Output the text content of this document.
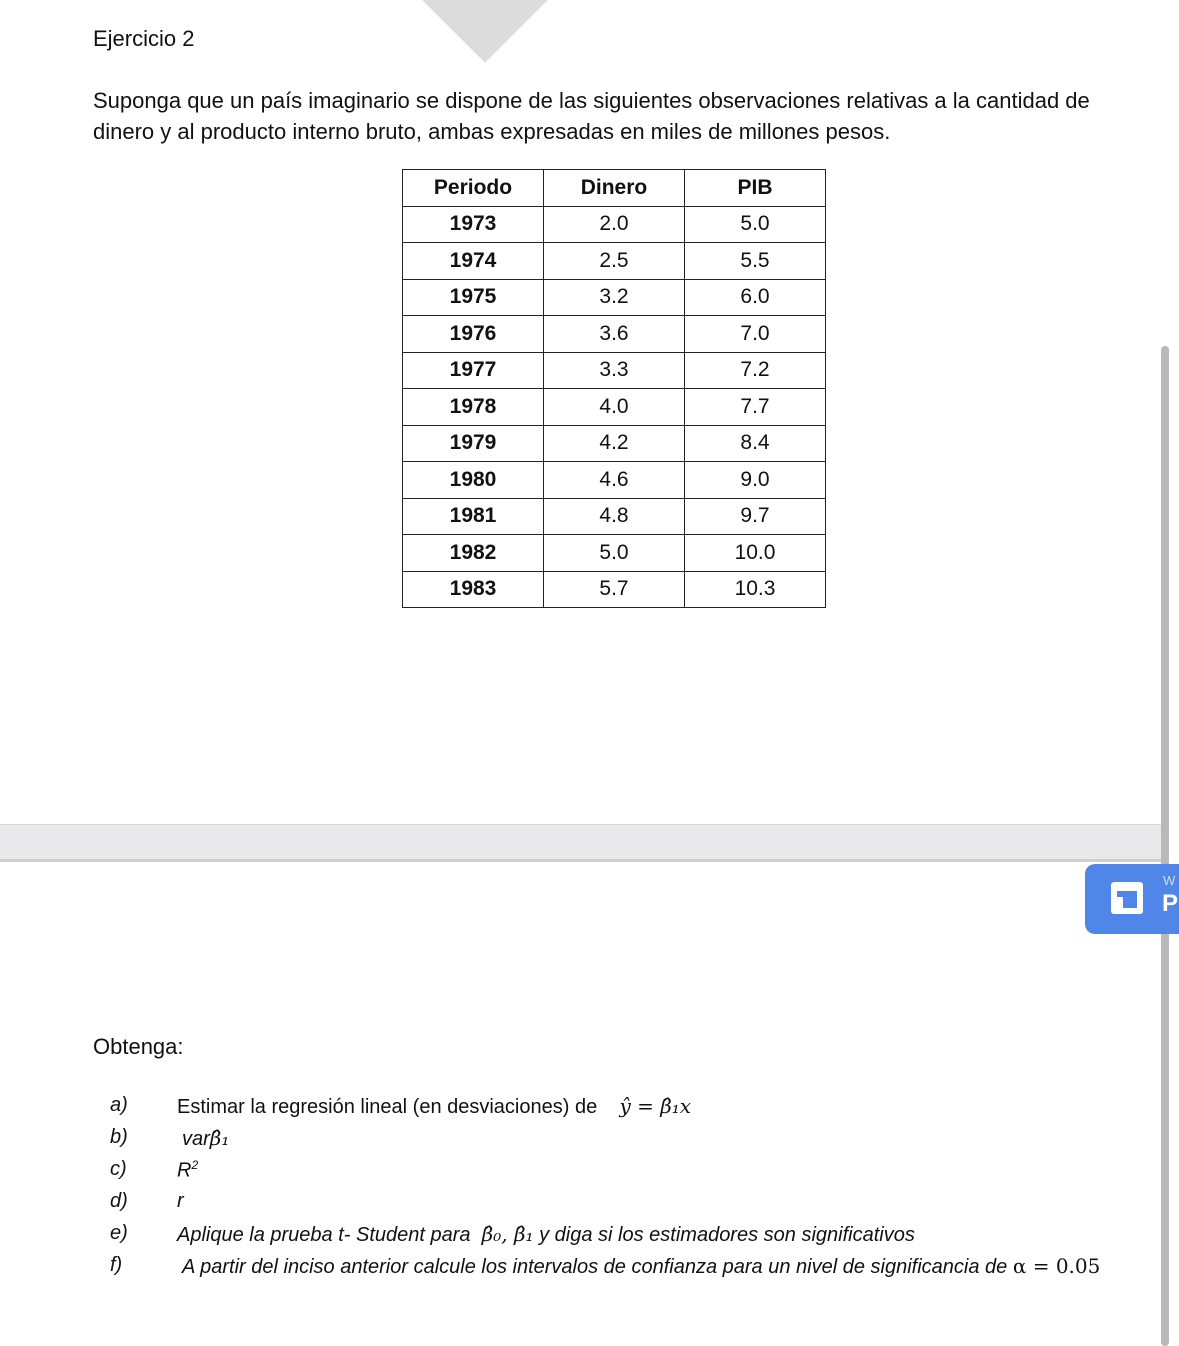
Ejercicio 2
Suponga que un país imaginario se dispone de las siguientes observaciones relativas a la cantidad de dinero y al producto interno bruto, ambas expresadas en miles de millones pesos.
Periodo	Dinero	PIB
1973	2.0	5.0
1974	2.5	5.5
1975	3.2	6.0
1976	3.6	7.0
1977	3.3	7.2
1978	4.0	7.7
1979	4.2	8.4
1980	4.6	9.0
1981	4.8	9.7
1982	5.0	10.0
1983	5.7	10.3
W
P
Obtenga:
a) Estimar la regresión lineal (en desviaciones) de ŷ = β̂₁x
b)	varβ̂₁
c)	$R^2$
d) r
e) Aplique la prueba t- Student para β̂₀, β̂₁ y diga si los estimadores son significativos
f)	A partir del inciso anterior calcule los intervalos de confianza para un nivel de significancia de α = 0.05
